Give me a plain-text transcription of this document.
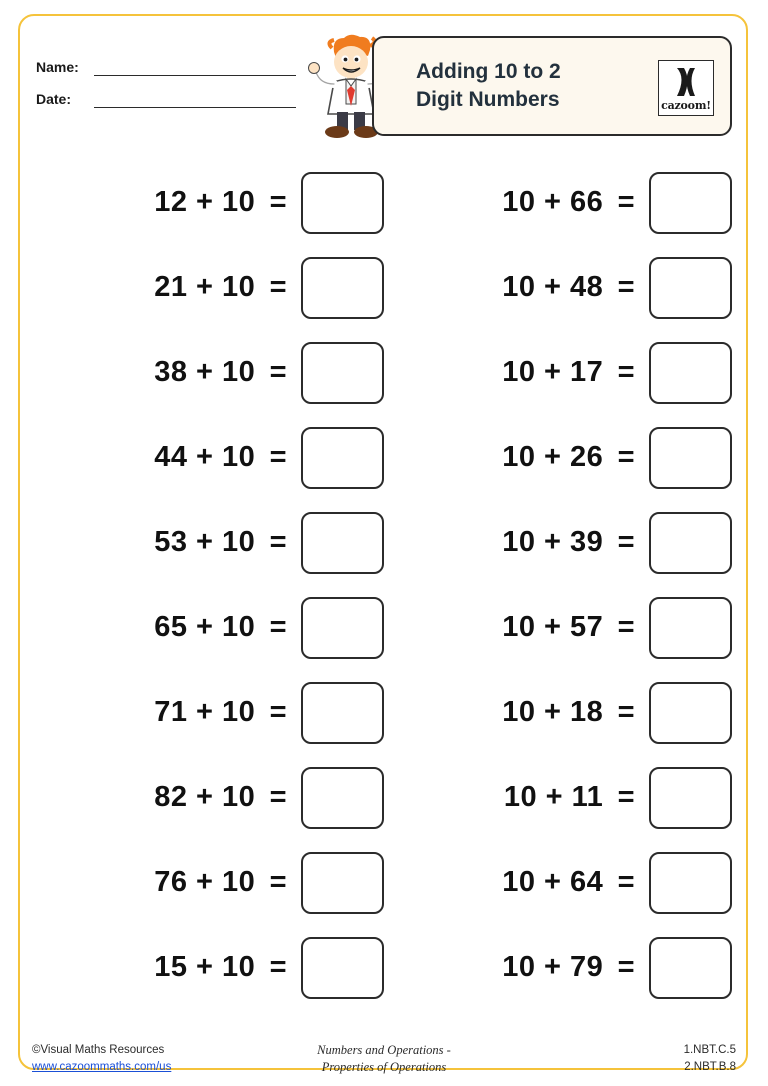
Name:
Date:
Adding 10 to 2
Digit Numbers	cazoom!
12 + 10 =	10 + 66 =
21 + 10 =	10 + 48 =
38 + 10 =	10 + 17 =
44 + 10 =	10 + 26 =
53 + 10 =	10 + 39 =
65 + 10 =	10 + 57 =
71 + 10 =	10 + 18 =
82 + 10 =	10 + 11 =
76 + 10 =	10 + 64 =
15 + 10 =	10 + 79 =
©Visual Maths Resources
www.cazoommaths.com/us
Numbers and Operations -
Properties of Operations
1.NBT.C.5
2.NBT.B.8
